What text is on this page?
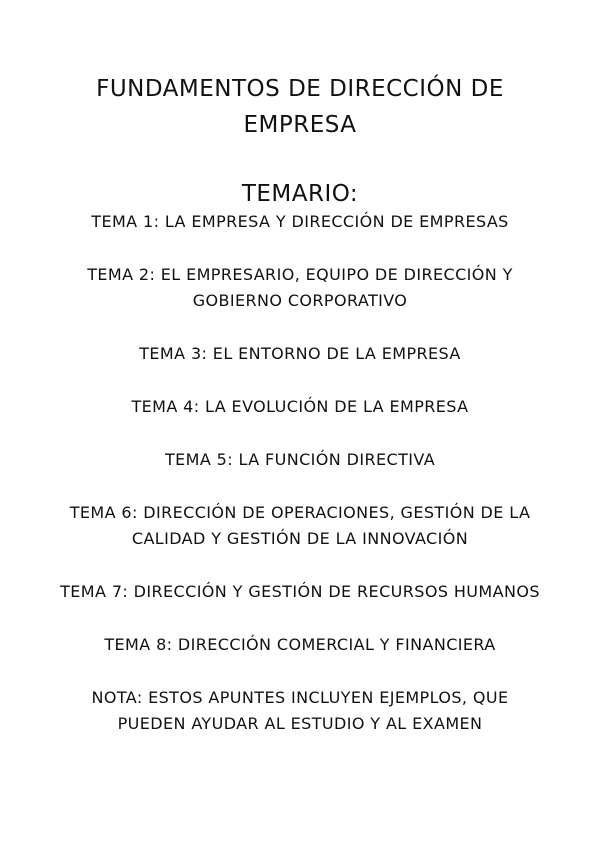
FUNDAMENTOS DE DIRECCIÓN DE EMPRESA
TEMARIO:
TEMA 1: LA EMPRESA Y DIRECCIÓN DE EMPRESAS
TEMA 2: EL EMPRESARIO, EQUIPO DE DIRECCIÓN Y GOBIERNO CORPORATIVO
TEMA 3: EL ENTORNO DE LA EMPRESA
TEMA 4: LA EVOLUCIÓN DE LA EMPRESA
TEMA 5: LA FUNCIÓN DIRECTIVA
TEMA 6: DIRECCIÓN DE OPERACIONES, GESTIÓN DE LA CALIDAD Y GESTIÓN DE LA INNOVACIÓN
TEMA 7: DIRECCIÓN Y GESTIÓN DE RECURSOS HUMANOS
TEMA 8: DIRECCIÓN COMERCIAL Y FINANCIERA

NOTA: ESTOS APUNTES INCLUYEN EJEMPLOS, QUE PUEDEN AYUDAR AL ESTUDIO Y AL EXAMEN
